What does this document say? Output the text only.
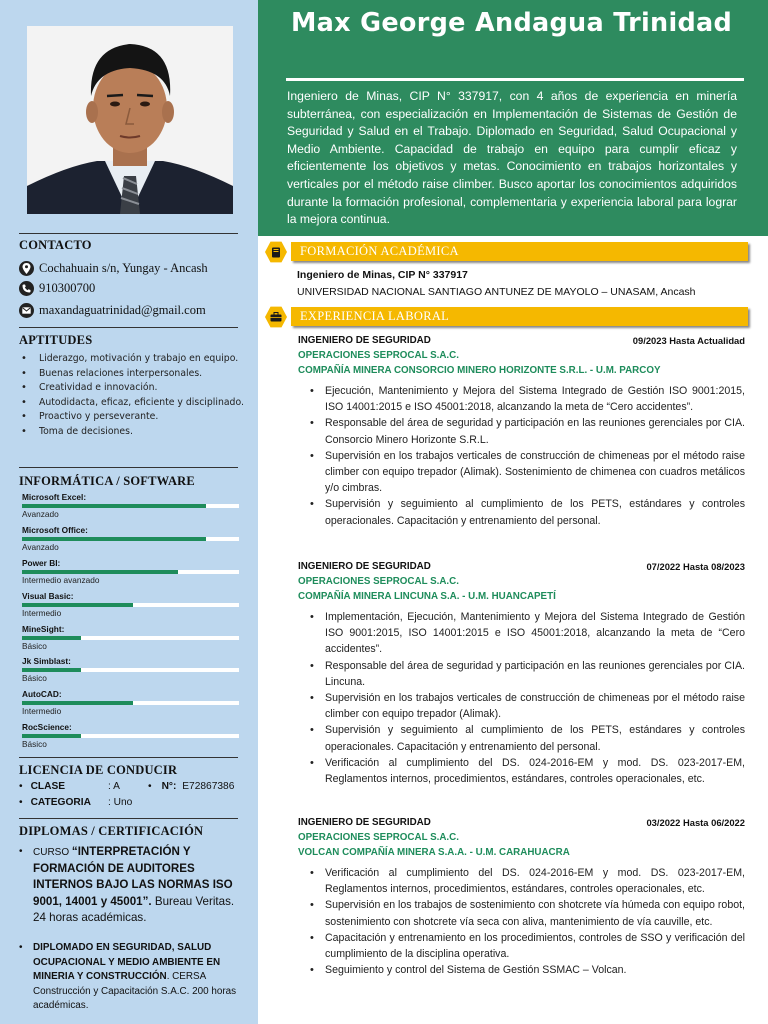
CONTACTO
Cochahuain s/n, Yungay - Ancash
910300700
maxandaguatrinidad@gmail.com
APTITUDES
• Liderazgo, motivación y trabajo en equipo.
• Buenas relaciones interpersonales.
• Creatividad e innovación.
• Autodidacta, eficaz, eficiente y disciplinado.
• Proactivo y perseverante.
• Toma de decisiones.
INFORMÁTICA / SOFTWARE
Microsoft Excel:
Avanzado
Microsoft Office:
Avanzado
Power BI:
Intermedio avanzado
Visual Basic:
Intermedio
MineSight:
Básico
Jk Simblast:
Básico
AutoCAD:
Intermedio
RocScience:
Básico
LICENCIA DE CONDUCIR
• CLASE	: A	• N°: E72867386
• CATEGORIA : Uno
DIPLOMAS / CERTIFICACIÓN
• CURSO “INTERPRETACIÓN Y FORMACIÓN DE AUDITORES INTERNOS BAJO LAS NORMAS ISO 9001, 14001 y 45001”. Bureau Veritas. 24 horas académicas.
• DIPLOMADO EN SEGURIDAD, SALUD OCUPACIONAL Y MEDIO AMBIENTE EN MINERIA Y CONSTRUCCIÓN. CERSA Construcción y Capacitación S.A.C. 200 horas académicas.
Max George Andagua Trinidad
Ingeniero de Minas, CIP N° 337917, con 4 años de experiencia en minería subterránea, con especialización en Implementación de Sistemas de Gestión de Seguridad y Salud en el Trabajo. Diplomado en Seguridad, Salud Ocupacional y Medio Ambiente. Capacidad de trabajo en equipo para cumplir eficaz y eficientemente los objetivos y metas. Conocimiento en trabajos horizontales y verticales por el método raise climber. Busco aportar los conocimientos adquiridos durante la formación profesional, complementaria y experiencia laboral para lograr la mejora continua.
FORMACIÓN ACADÉMICA
Ingeniero de Minas, CIP N° 337917
UNIVERSIDAD NACIONAL SANTIAGO ANTUNEZ DE MAYOLO – UNASAM, Ancash
EXPERIENCIA LABORAL
INGENIERO DE SEGURIDAD	09/2023 Hasta Actualidad
OPERACIONES SEPROCAL S.A.C.
COMPAÑÍA MINERA CONSORCIO MINERO HORIZONTE S.R.L. - U.M. PARCOY
• Ejecución, Mantenimiento y Mejora del Sistema Integrado de Gestión ISO 9001:2015, ISO 14001:2015 e ISO 45001:2018, alcanzando la meta de “Cero accidentes”.
• Responsable del área de seguridad y participación en las reuniones gerenciales por CIA. Consorcio Minero Horizonte S.R.L.
• Supervisión en los trabajos verticales de construcción de chimeneas por el método raise climber con equipo trepador (Alimak). Sostenimiento de chimenea con cuadros metálicos y/o cimbras.
• Supervisión y seguimiento al cumplimiento de los PETS, estándares y controles operacionales. Capacitación y entrenamiento del personal.
INGENIERO DE SEGURIDAD	07/2022 Hasta 08/2023
OPERACIONES SEPROCAL S.A.C.
COMPAÑÍA MINERA LINCUNA S.A. - U.M. HUANCAPETÍ
• Implementación, Ejecución, Mantenimiento y Mejora del Sistema Integrado de Gestión ISO 9001:2015, ISO 14001:2015 e ISO 45001:2018, alcanzando la meta de “Cero accidentes”.
• Responsable del área de seguridad y participación en las reuniones gerenciales por CIA. Lincuna.
• Supervisión en los trabajos verticales de construcción de chimeneas por el método raise climber con equipo trepador (Alimak).
• Supervisión y seguimiento al cumplimiento de los PETS, estándares y controles operacionales. Capacitación y entrenamiento del personal.
• Verificación al cumplimiento del DS. 024-2016-EM y mod. DS. 023-2017-EM, Reglamentos internos, procedimientos, estándares, controles operacionales, etc.
INGENIERO DE SEGURIDAD	03/2022 Hasta 06/2022
OPERACIONES SEPROCAL S.A.C.
VOLCAN COMPAÑÍA MINERA S.A.A. - U.M. CARAHUACRA
• Verificación al cumplimiento del DS. 024-2016-EM y mod. DS. 023-2017-EM, Reglamentos internos, procedimientos, estándares, controles operacionales, etc.
• Supervisión en los trabajos de sostenimiento con shotcrete vía húmeda con equipo robot, sostenimiento con shotcrete vía seca con aliva, mantenimiento de vía cauville, etc.
• Capacitación y entrenamiento en los procedimientos, controles de SSO y verificación del cumplimiento de la disciplina operativa.
• Seguimiento y control del Sistema de Gestión SSMAC – Volcan.
